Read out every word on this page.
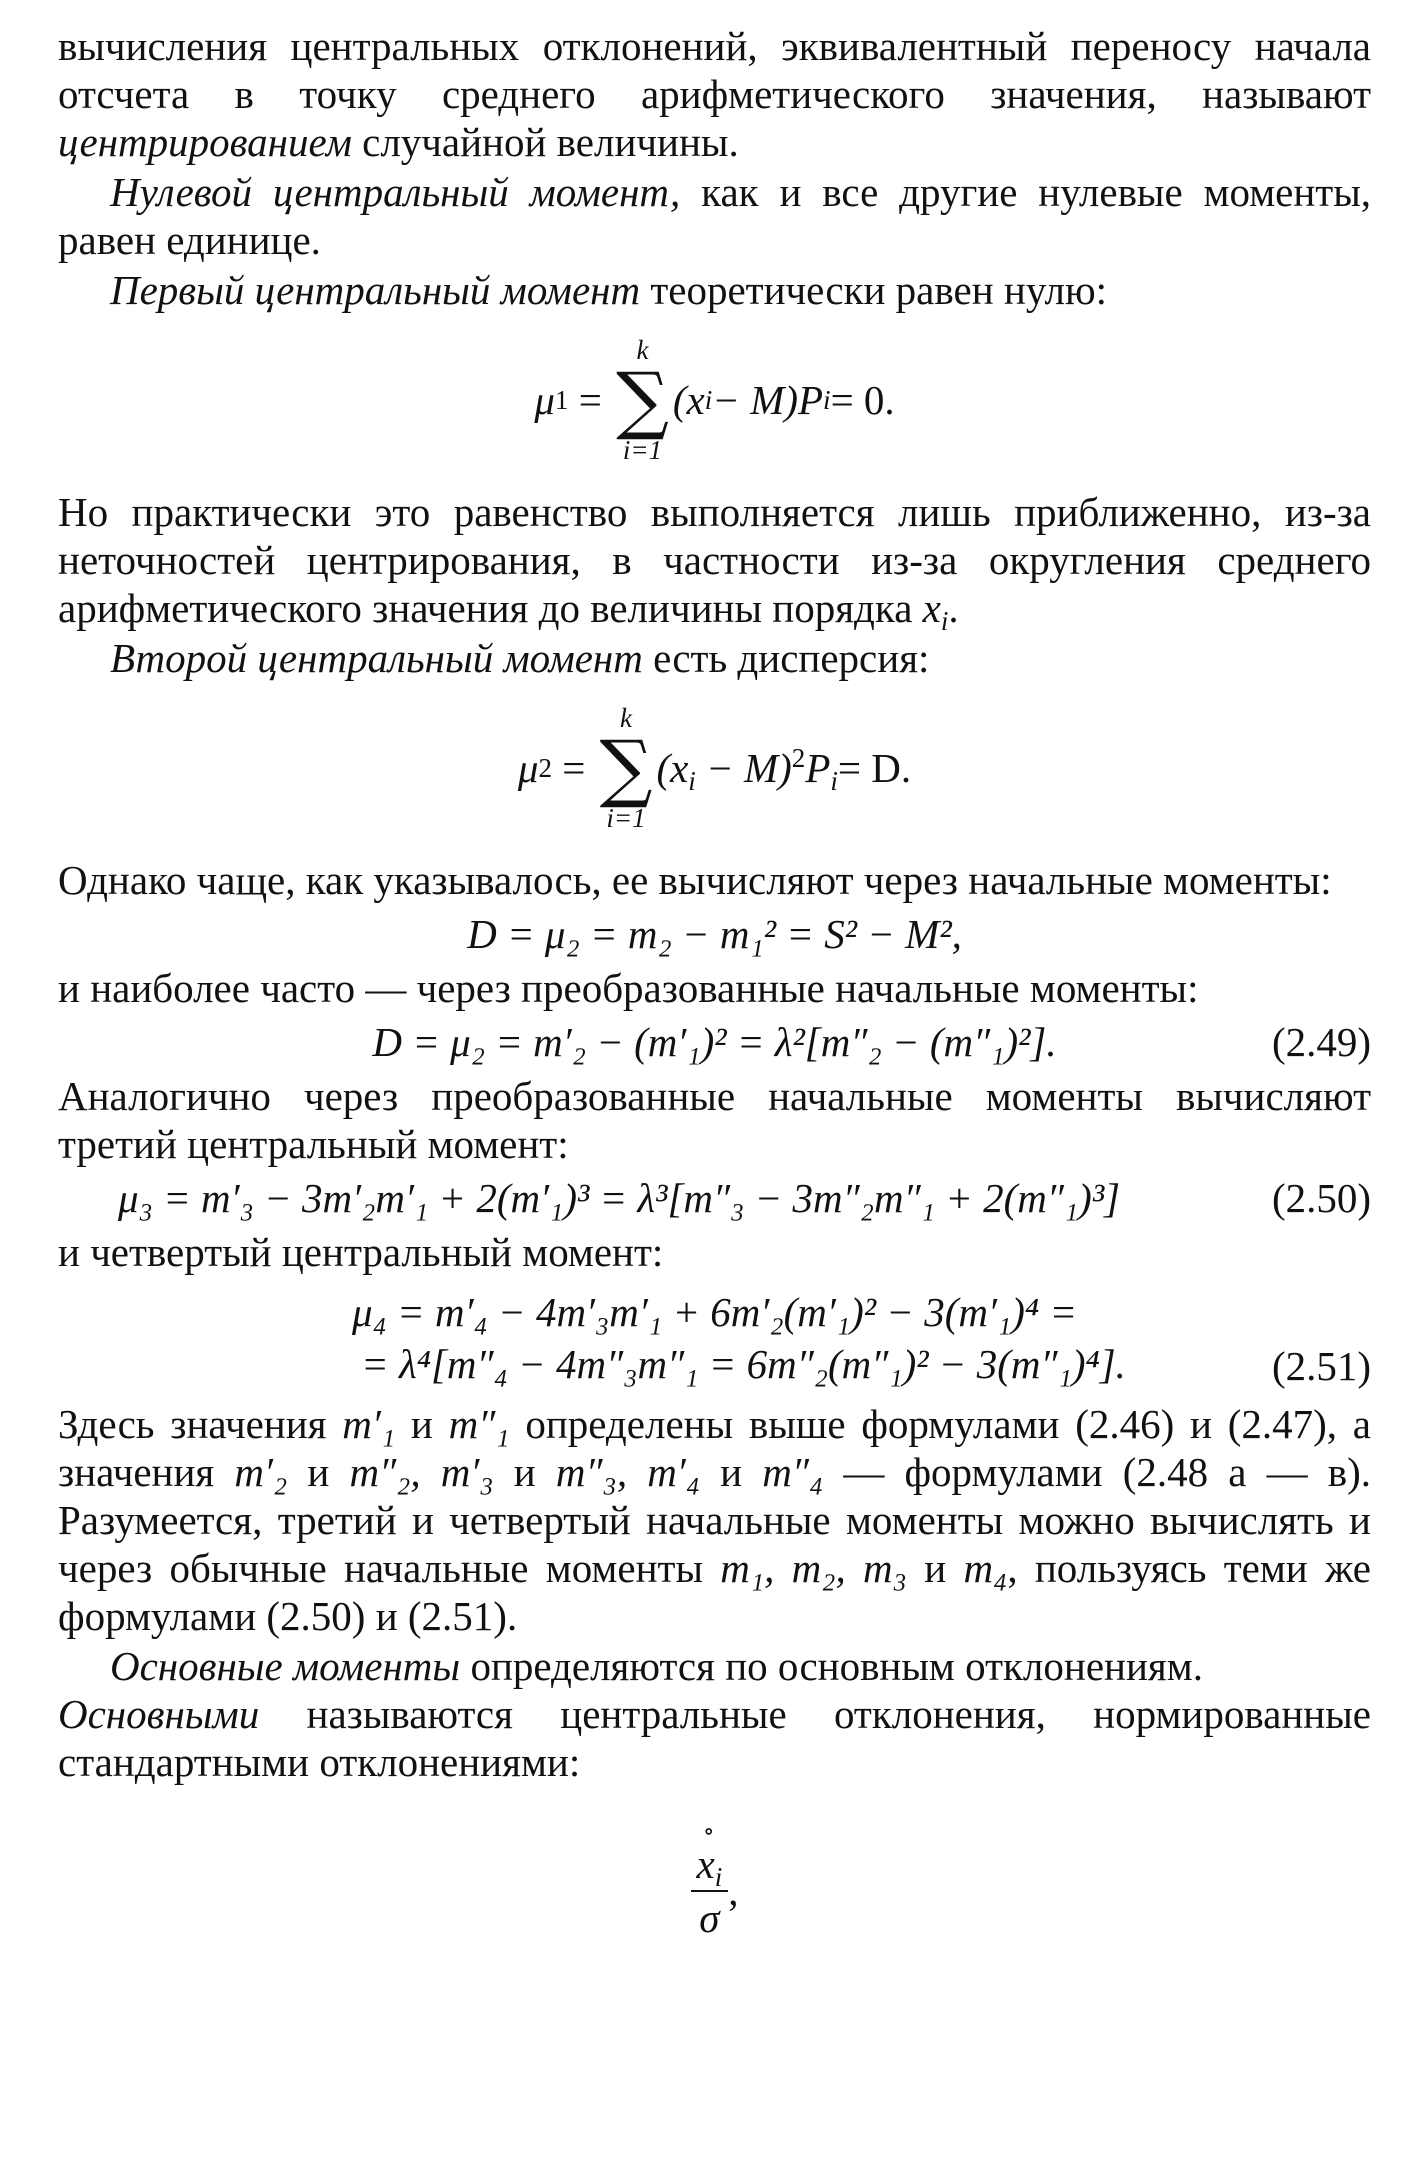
вычисления центральных отклонений, эквивалентный переносу начала отсчета в точку среднего арифметического значения, называют центрированием случайной величины.

Нулевой центральный момент, как и все другие нулевые моменты, равен единице.

Первый центральный момент теоретически равен нулю:

μ 1 =
k
∑
i=1
(x i − M)P i = 0.

Но практически это равенство выполняется лишь приближенно, из-за неточностей центрирования, в частности из-за округления среднего арифметического значения до величины порядка $x_i$.

Второй центральный момент есть дисперсия:

μ 2 =
k
∑
i=1
$(x_i - M)^2P_i = D$.

Однако чаще, как указывалось, ее вычисляют через начальные моменты:

D = μ₂ = m₂ − m₁² = S² − M²,

и наиболее часто — через преобразованные начальные моменты:

D = μ₂ = m′₂ − (m′₁)² = λ²[m″₂ − (m″₁)²].	(2.49)

Аналогично через преобразованные начальные моменты вычисляют третий центральный момент:

μ₃ = m′₃ − 3m′₂m′₁ + 2(m′₁)³ = λ³[m″₃ − 3m″₂m″₁ + 2(m″₁)³]	(2.50)

и четвертый центральный момент:

μ₄ = m′₄ − 4m′₃m′₁ + 6m′₂(m′₁)² − 3(m′₁)⁴ =
= λ⁴[m″₄ − 4m″₃m″₁ = 6m″₂(m″₁)² − 3(m″₁)⁴].	(2.51)

Здесь значения m′₁ и m″₁ определены выше формулами (2.46) и (2.47), а значения m′₂ и m″₂, m′₃ и m″₃, m′₄ и m″₄ — формулами (2.48 а — в). Разумеется, третий и четвертый начальные моменты можно вычислять и через обычные начальные моменты m₁, m₂, m₃ и m₄, пользуясь теми же формулами (2.50) и (2.51).

Основные моменты определяются по основным отклонениям.

Основными называются центральные отклонения, нормированные стандартными отклонениями:

∘
$x_i$
σ ,
